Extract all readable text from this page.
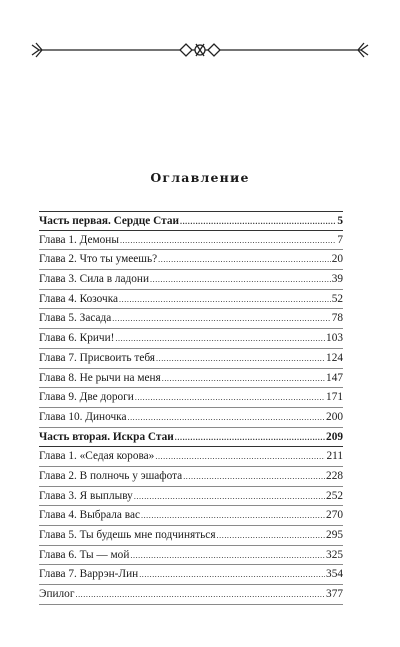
Оглавление
Часть первая. Сердце Стаи .....	5
Глава 1. Демоны .....	7
Глава 2. Что ты умеешь? .....	20
Глава 3. Сила в ладони .....	39
Глава 4. Козочка .....	52
Глава 5. Засада .....	78
Глава 6. Кричи! .....	103
Глава 7. Присвоить тебя .....	124
Глава 8. Не рычи на меня .....	147
Глава 9. Две дороги .....	171
Глава 10. Диночка .....	200
Часть вторая. Искра Стаи .....	209
Глава 1. «Седая корова» .....	211
Глава 2. В полночь у эшафота .....	228
Глава 3. Я выплыву .....	252
Глава 4. Выбрала вас .....	270
Глава 5. Ты будешь мне подчиняться .....	295
Глава 6. Ты — мой .....	325
Глава 7. Варрэн-Лин .....	354
Эпилог .....	377
